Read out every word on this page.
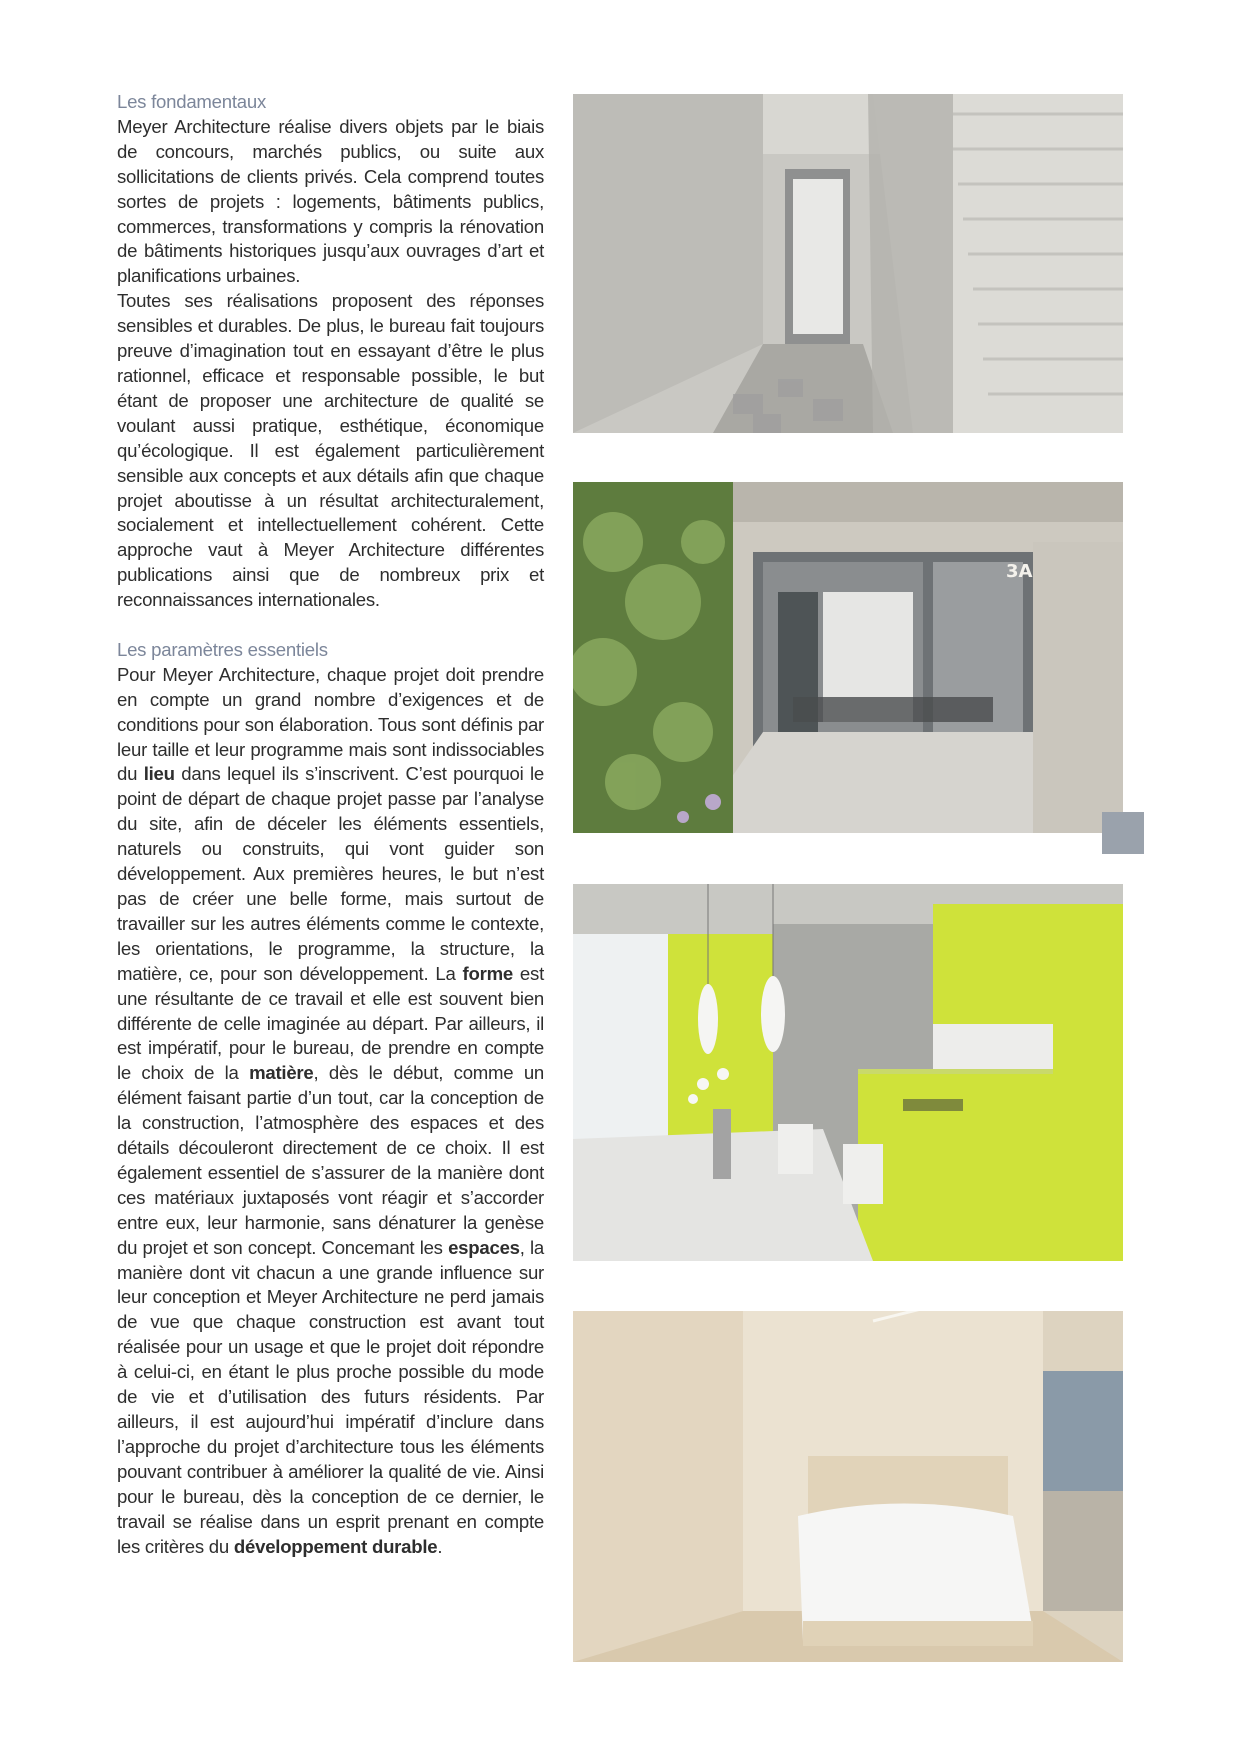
Les fondamentaux

Meyer Architecture réalise divers objets par le biais de concours, marchés publics, ou suite aux sollicitations de clients privés. Cela comprend toutes sortes de projets : logements, bâtiments publics, commerces, transformations y compris la rénovation de bâtiments historiques jusqu’aux ouvrages d’art et planifications urbaines.

Toutes ses réalisations proposent des réponses sensibles et durables. De plus, le bureau fait toujours preuve d’imagination tout en essayant d’être le plus rationnel, efficace et responsable possible, le but étant de proposer une architecture de qualité se voulant aussi pratique, esthétique, économique qu’écologique. Il est également particulièrement sensible aux concepts et aux détails afin que chaque projet aboutisse à un résultat architecturalement, socialement et intellectuellement cohérent. Cette approche vaut à Meyer Architecture différentes publications ainsi que de nombreux prix et reconnaissances internationales.

Les paramètres essentiels

Pour Meyer Architecture, chaque projet doit prendre en compte un grand nombre d’exigences et de conditions pour son élaboration. Tous sont définis par leur taille et leur programme mais sont indissociables du lieu dans lequel ils s’inscrivent. C’est pourquoi le point de départ de chaque projet passe par l’analyse du site, afin de déceler les éléments essentiels, naturels ou construits, qui vont guider son développement. Aux premières heures, le but n’est pas de créer une belle forme, mais surtout de travailler sur les autres éléments comme le contexte, les orientations, le programme, la structure, la matière, ce, pour son développement. La forme est une résultante de ce travail et elle est souvent bien différente de celle imaginée au départ. Par ailleurs, il est impératif, pour le bureau, de prendre en compte le choix de la matière, dès le début, comme un élément faisant partie d’un tout, car la conception de la construction, l’atmosphère des espaces et des détails découleront directement de ce choix. Il est également essentiel de s’assurer de la manière dont ces matériaux juxtaposés vont réagir et s’accorder entre eux, leur harmonie, sans dénaturer la genèse du projet et son concept. Concemant les espaces, la manière dont vit chacun a une grande influence sur leur conception et Meyer Architecture ne perd jamais de vue que chaque construction est avant tout réalisée pour un usage et que le projet doit répondre à celui-ci, en étant le plus proche possible du mode de vie et d’utilisation des futurs résidents. Par ailleurs, il est aujourd’hui impératif d’inclure dans l’approche du projet d’architecture tous les éléments pouvant contribuer à améliorer la qualité de vie. Ainsi pour le bureau, dès la conception de ce dernier, le travail se réalise dans un esprit prenant en compte les critères du développement durable.

3A
